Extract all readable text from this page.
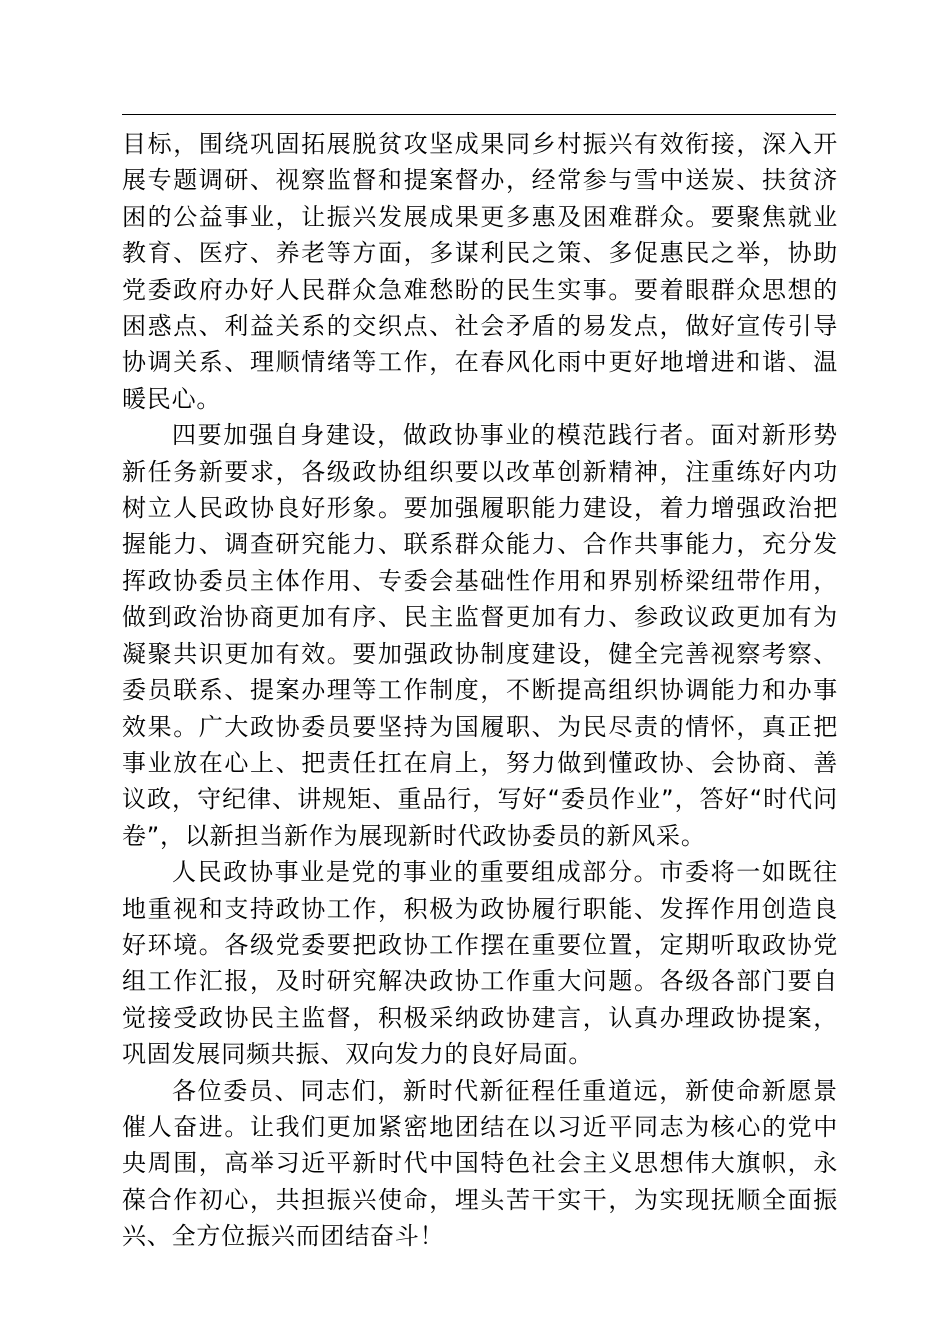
目标，围绕巩固拓展脱贫攻坚成果同乡村振兴有效衔接，深入开展专题调研、视察监督和提案督办，经常参与雪中送炭、扶贫济困的公益事业，让振兴发展成果更多惠及困难群众。要聚焦就业教育、医疗、养老等方面，多谋利民之策、多促惠民之举，协助党委政府办好人民群众急难愁盼的民生实事。要着眼群众思想的困惑点、利益关系的交织点、社会矛盾的易发点，做好宣传引导协调关系、理顺情绪等工作，在春风化雨中更好地增进和谐、温暖民心。

四要加强自身建设，做政协事业的模范践行者。面对新形势新任务新要求，各级政协组织要以改革创新精神，注重练好内功树立人民政协良好形象。要加强履职能力建设，着力增强政治把握能力、调查研究能力、联系群众能力、合作共事能力，充分发挥政协委员主体作用、专委会基础性作用和界别桥梁纽带作用，做到政治协商更加有序、民主监督更加有力、参政议政更加有为凝聚共识更加有效。要加强政协制度建设，健全完善视察考察、委员联系、提案办理等工作制度，不断提高组织协调能力和办事效果。广大政协委员要坚持为国履职、为民尽责的情怀，真正把事业放在心上、把责任扛在肩上，努力做到懂政协、会协商、善议政，守纪律、讲规矩、重品行，写好“委员作业”，答好“时代问卷”，以新担当新作为展现新时代政协委员的新风采。

人民政协事业是党的事业的重要组成部分。市委将一如既往地重视和支持政协工作，积极为政协履行职能、发挥作用创造良好环境。各级党委要把政协工作摆在重要位置，定期听取政协党组工作汇报，及时研究解决政协工作重大问题。各级各部门要自觉接受政协民主监督，积极采纳政协建言，认真办理政协提案，巩固发展同频共振、双向发力的良好局面。

各位委员、同志们，新时代新征程任重道远，新使命新愿景催人奋进。让我们更加紧密地团结在以习近平同志为核心的党中央周围，高举习近平新时代中国特色社会主义思想伟大旗帜，永葆合作初心，共担振兴使命，埋头苦干实干，为实现抚顺全面振兴、全方位振兴而团结奋斗！
